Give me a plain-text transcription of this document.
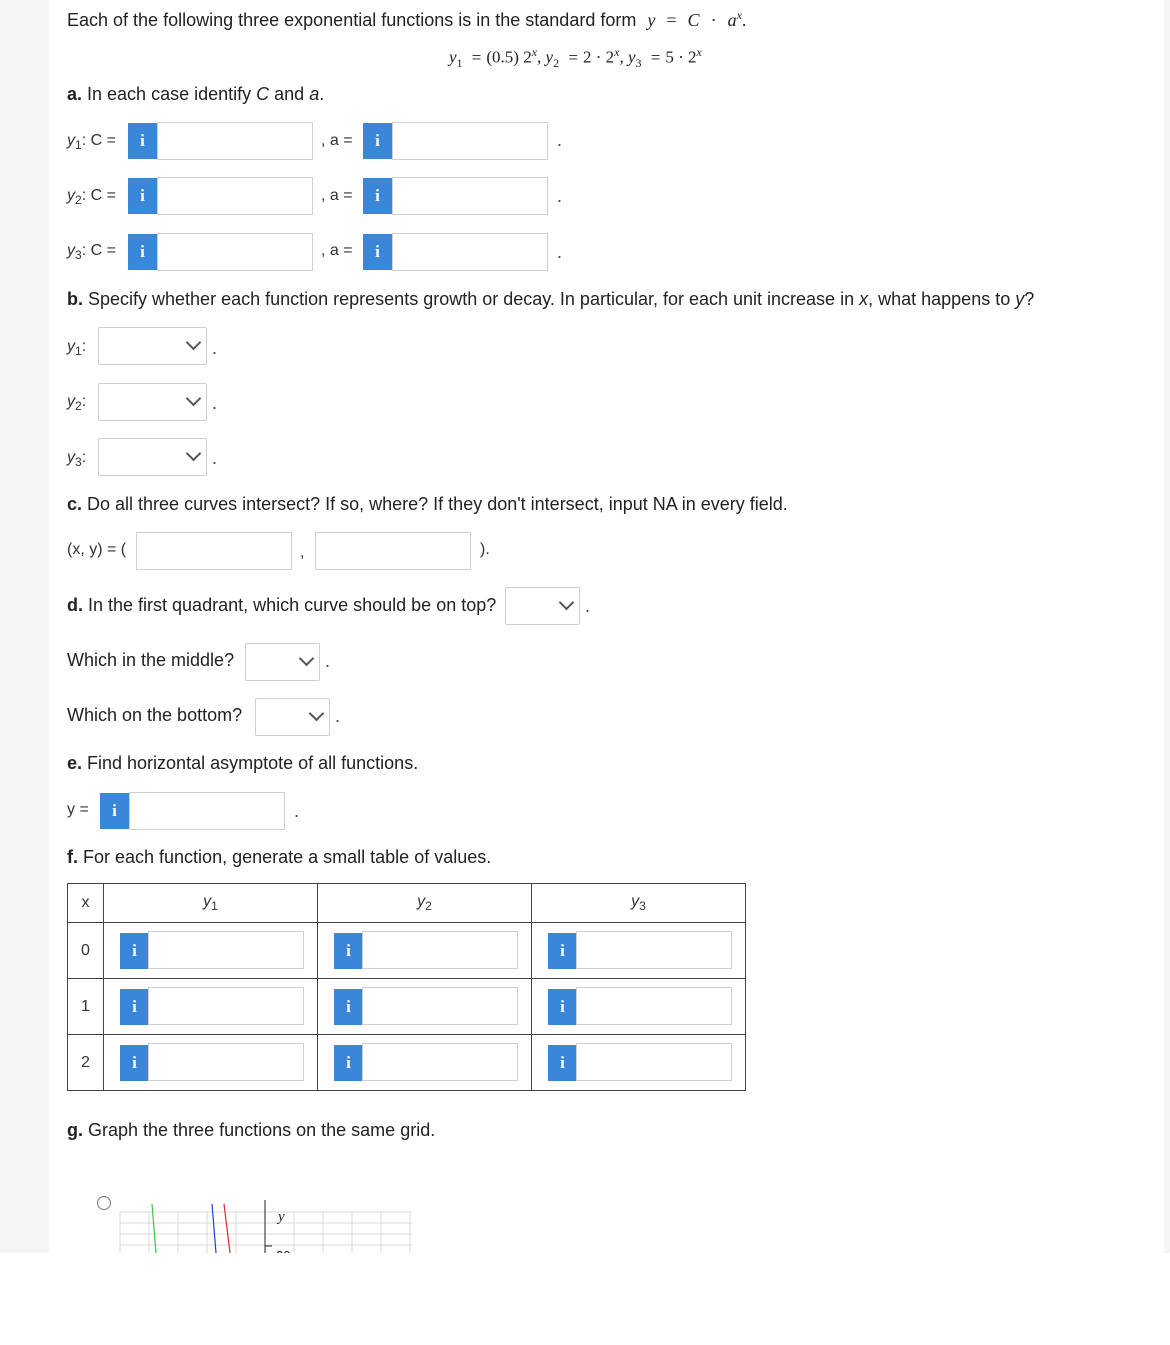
Each of the following three exponential functions is in the standard form $y = C \cdot a^x$.
$y_1 = (0.5)$ 2$^x$, $y_2 = 2 \cdot 2^x$, $y_3 = 5 \cdot 2^x$
a. In each case identify C and a.
$y_1$: C =	i	, a =	i	.
$y_2$: C =	i	, a =	i	.
$y_3$: C =	i	, a =	i	.
b. Specify whether each function represents growth or decay. In particular, for each unit increase in x, what happens to y?
$y_1$:	.
$y_2$:	.
$y_3$:	.
c. Do all three curves intersect? If so, where? If they don't intersect, input NA in every field.
(x, y) = (	,	).
d. In the first quadrant, which curve should be on top?	.
Which in the middle?	.
Which on the bottom?	.
e. Find horizontal asymptote of all functions.
y =	i	.
f. For each function, generate a small table of values.
x	$y_1$	$y_2$	$y_3$
0	i	i	i

1	i	i	i

2	i	i	i
g. Graph the three functions on the same grid.
y
